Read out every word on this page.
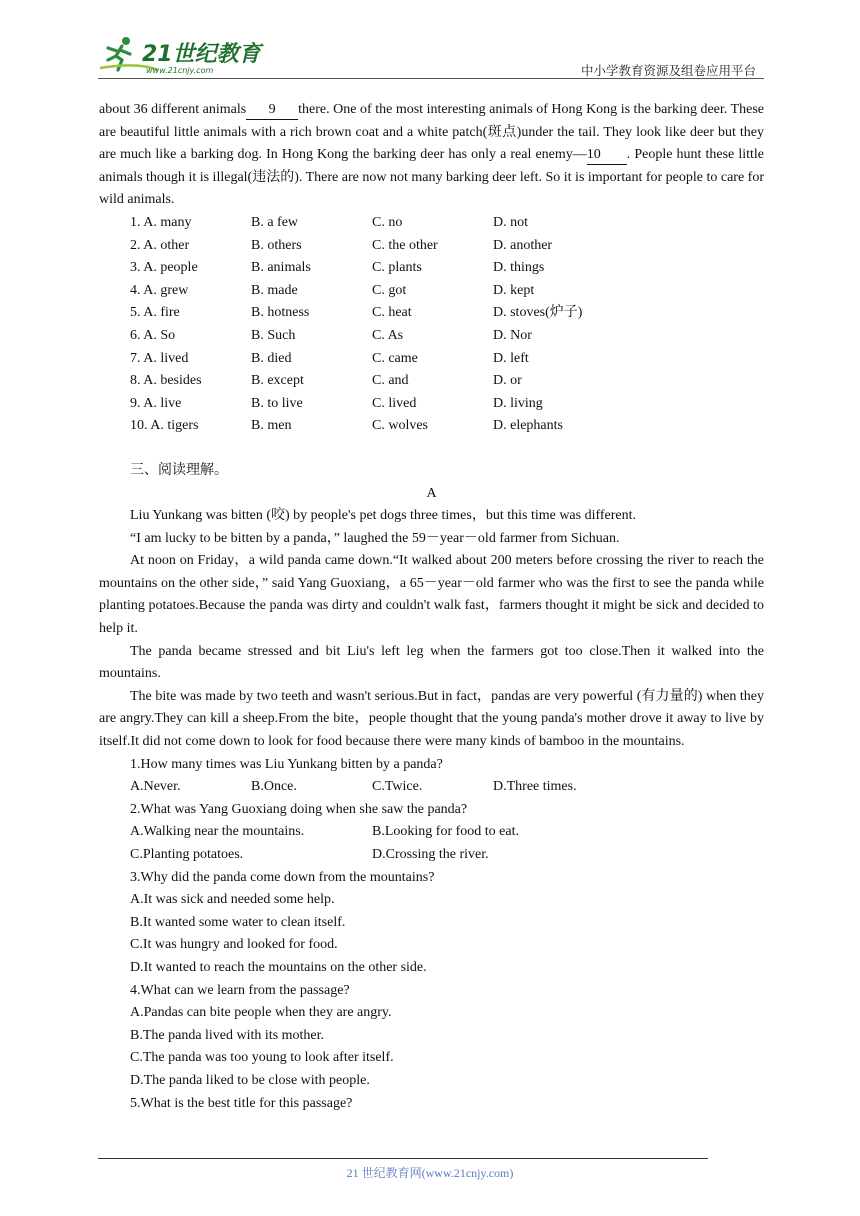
21世纪教育
www.21cnjy.com	中小学教育资源及组卷应用平台

about 36 different animals 9 there. One of the most interesting animals of Hong Kong is the barking deer. These are beautiful little animals with a rich brown coat and a white patch(斑点)under the tail. They look like deer but they are much like a barking dog. In Hong Kong the barking deer has only a real enemy—10 . People hunt these little animals though it is illegal(违法的). There are now not many barking deer left. So it is important for people to care for wild animals.

1. A. many	B. a few	C. no	D. not
2. A. other	B. others	C. the other	D. another
3. A. people	B. animals	C. plants	D. things
4. A. grew	B. made	C. got	D. kept
5. A. fire	B. hotness	C. heat	D. stoves(炉子)
6. A. So	B. Such	C. As	D. Nor
7. A. lived	B. died	C. came	D. left
8. A. besides	B. except	C. and	D. or
9. A. live	B. to live	C. lived	D. living
10. A. tigers	B. men	C. wolves	D. elephants

三、阅读理解。

A

Liu Yunkang was bitten (咬) by people's pet dogs three times，but this time was different.

“I am lucky to be bitten by a panda，” laughed the 59－year－old farmer from Sichuan.

At noon on Friday，a wild panda came down.“It walked about 200 meters before crossing the river to reach the mountains on the other side，” said Yang Guoxiang，a 65－year－old farmer who was the first to see the panda while planting potatoes.Because the panda was dirty and couldn't walk fast，farmers thought it might be sick and decided to help it.

The panda became stressed and bit Liu's left leg when the farmers got too close.Then it walked into the mountains.

The bite was made by two teeth and wasn't serious.But in fact，pandas are very powerful (有力量的) when they are angry.They can kill a sheep.From the bite，people thought that the young panda's mother drove it away to live by itself.It did not come down to look for food because there were many kinds of bamboo in the mountains.

1.How many times was Liu Yunkang bitten by a panda?

A.Never.	B.Once.	C.Twice.	D.Three times.

2.What was Yang Guoxiang doing when she saw the panda?

A.Walking near the mountains.	B.Looking for food to eat.
C.Planting potatoes.	D.Crossing the river.

3.Why did the panda come down from the mountains?

A.It was sick and needed some help.

B.It wanted some water to clean itself.

C.It was hungry and looked for food.

D.It wanted to reach the mountains on the other side.

4.What can we learn from the passage?

A.Pandas can bite people when they are angry.

B.The panda lived with its mother.

C.The panda was too young to look after itself.

D.The panda liked to be close with people.

5.What is the best title for this passage?

21 世纪教育网(www.21cnjy.com)
